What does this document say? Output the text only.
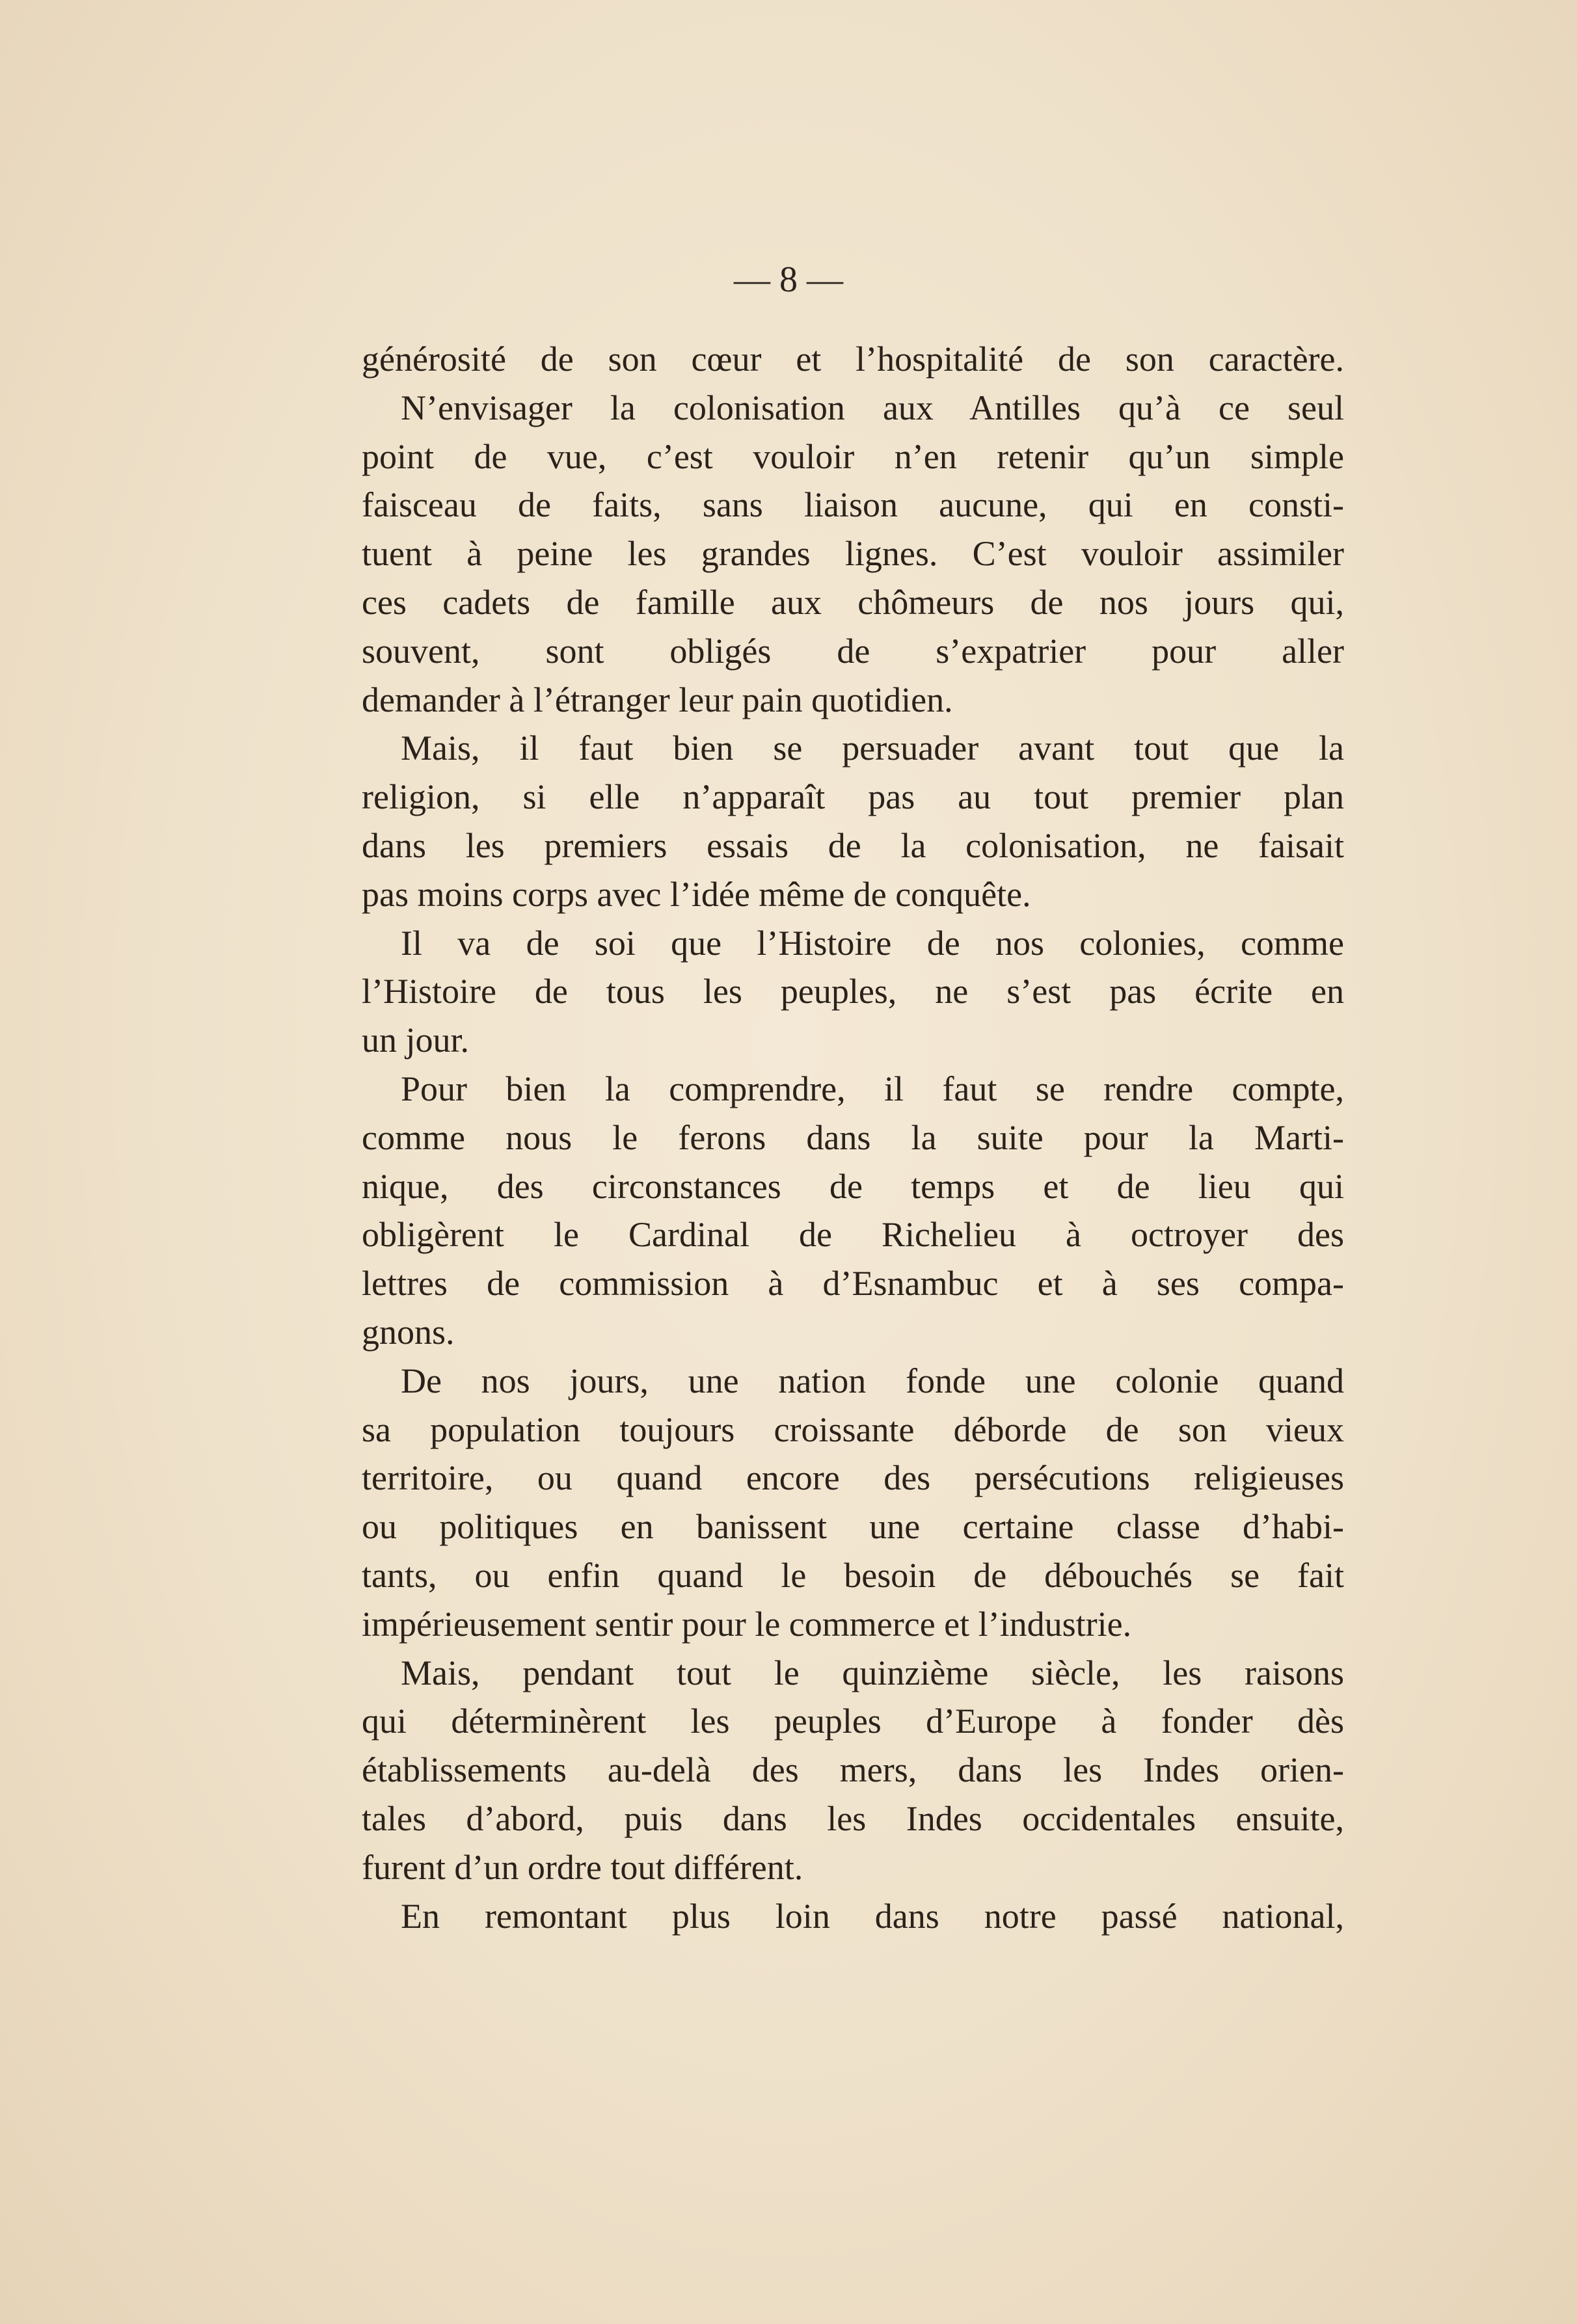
— 8 —

générosité de son cœur et l’hospitalité de son caractère.
N’envisager la colonisation aux Antilles qu’à ce seul
point de vue, c’est vouloir n’en retenir qu’un simple
faisceau de faits, sans liaison aucune, qui en consti-
tuent à peine les grandes lignes. C’est vouloir assimiler
ces cadets de famille aux chômeurs de nos jours qui,
souvent, sont obligés de s’expatrier pour aller
demander à l’étranger leur pain quotidien.
Mais, il faut bien se persuader avant tout que la
religion, si elle n’apparaît pas au tout premier plan
dans les premiers essais de la colonisation, ne faisait
pas moins corps avec l’idée même de conquête.
Il va de soi que l’Histoire de nos colonies, comme
l’Histoire de tous les peuples, ne s’est pas écrite en
un jour.
Pour bien la comprendre, il faut se rendre compte,
comme nous le ferons dans la suite pour la Marti-
nique, des circonstances de temps et de lieu qui
obligèrent le Cardinal de Richelieu à octroyer des
lettres de commission à d’Esnambuc et à ses compa-
gnons.
De nos jours, une nation fonde une colonie quand
sa population toujours croissante déborde de son vieux
territoire, ou quand encore des persécutions religieuses
ou politiques en banissent une certaine classe d’habi-
tants, ou enfin quand le besoin de débouchés se fait
impérieusement sentir pour le commerce et l’industrie.
Mais, pendant tout le quinzième siècle, les raisons
qui déterminèrent les peuples d’Europe à fonder dès
établissements au-delà des mers, dans les Indes orien-
tales d’abord, puis dans les Indes occidentales ensuite,
furent d’un ordre tout différent.
En remontant plus loin dans notre passé national,
